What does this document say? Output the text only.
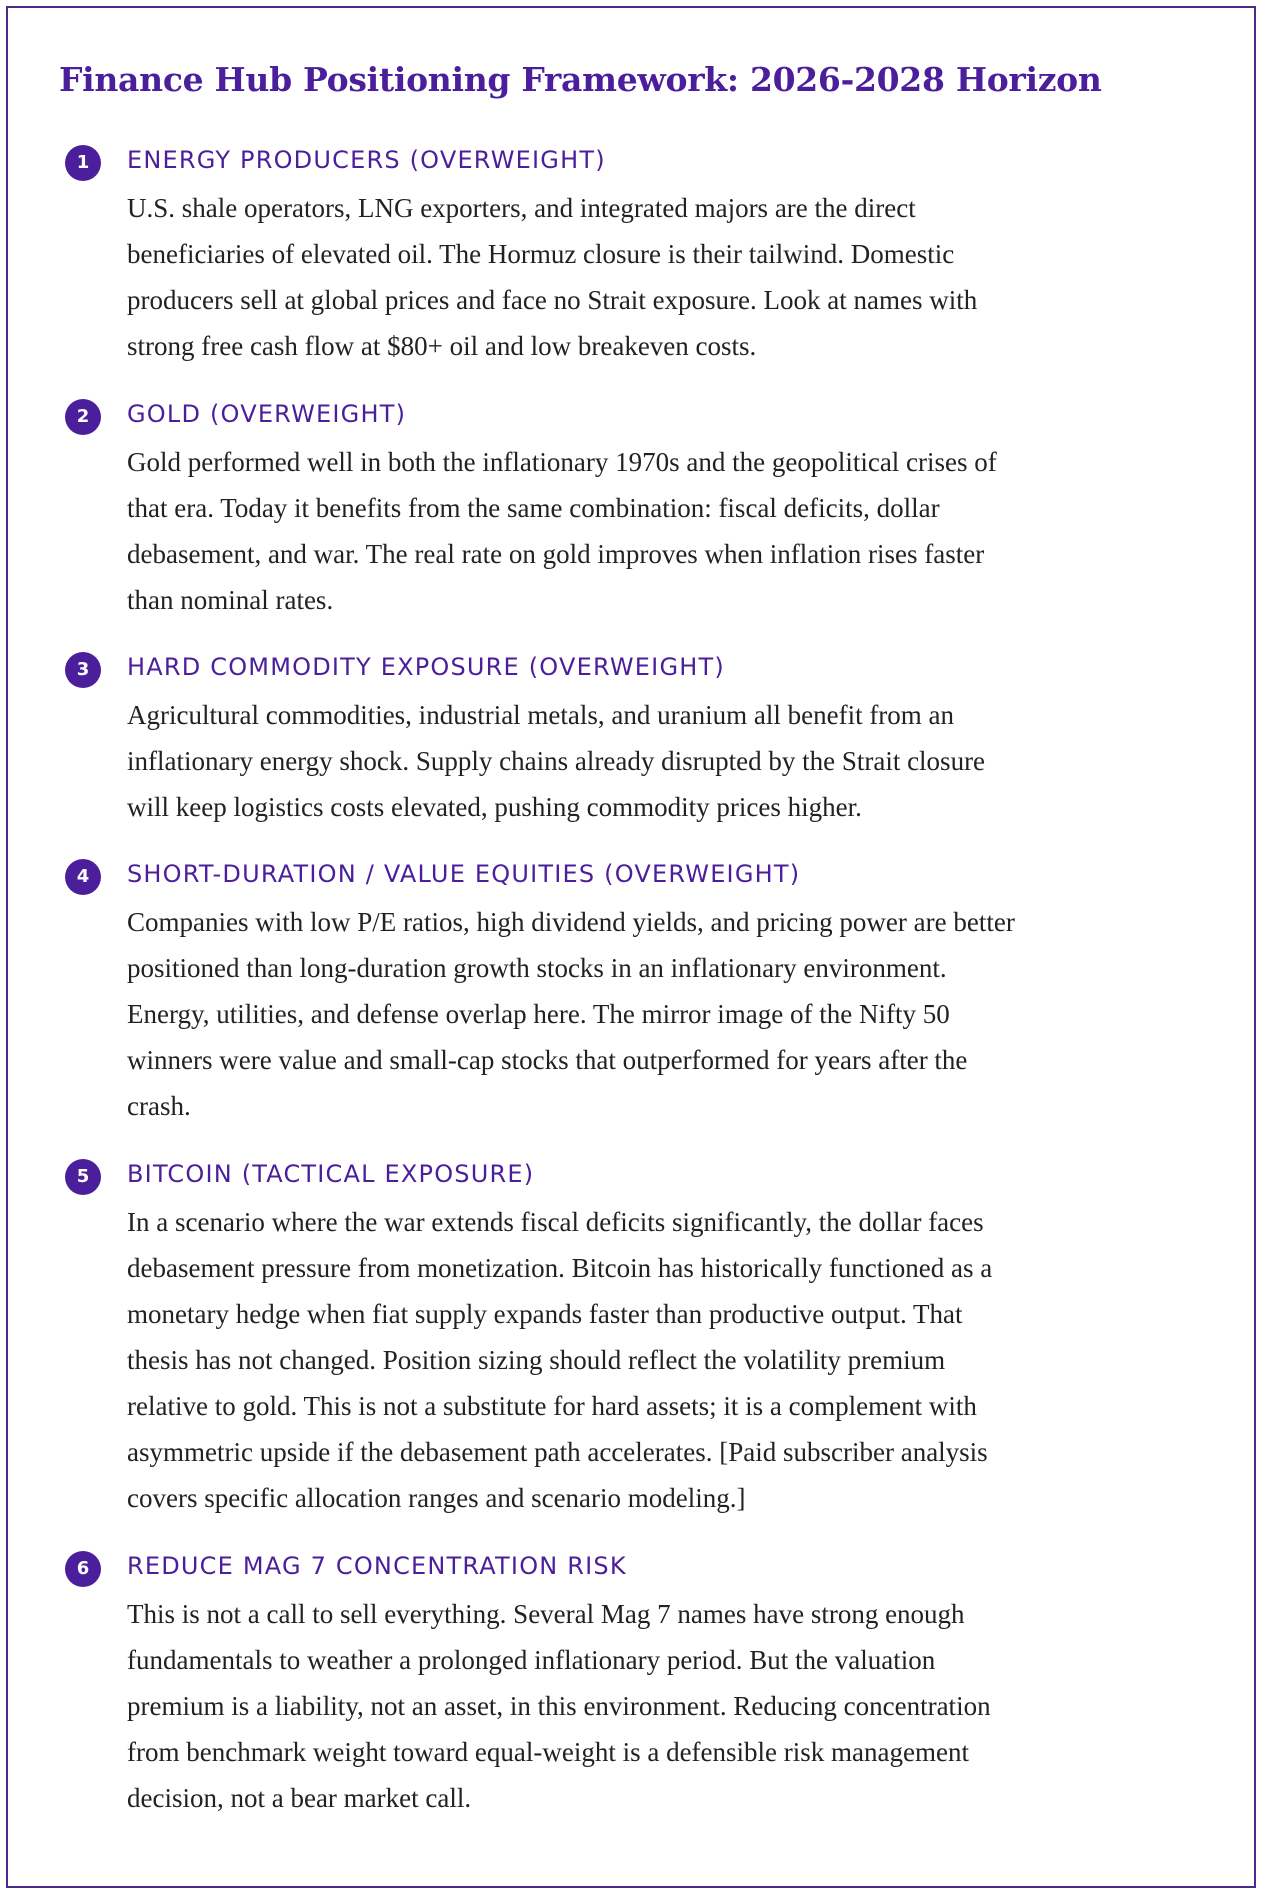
Finance Hub Positioning Framework: 2026-2028 Horizon
1	ENERGY PRODUCERS (OVERWEIGHT)
U.S. shale operators, LNG exporters, and integrated majors are the direct
beneficiaries of elevated oil. The Hormuz closure is their tailwind. Domestic
producers sell at global prices and face no Strait exposure. Look at names with
strong free cash flow at $80+ oil and low breakeven costs.
2	GOLD (OVERWEIGHT)
Gold performed well in both the inflationary 1970s and the geopolitical crises of
that era. Today it benefits from the same combination: fiscal deficits, dollar
debasement, and war. The real rate on gold improves when inflation rises faster
than nominal rates.
3	HARD COMMODITY EXPOSURE (OVERWEIGHT)
Agricultural commodities, industrial metals, and uranium all benefit from an
inflationary energy shock. Supply chains already disrupted by the Strait closure
will keep logistics costs elevated, pushing commodity prices higher.
4	SHORT-DURATION / VALUE EQUITIES (OVERWEIGHT)
Companies with low P/E ratios, high dividend yields, and pricing power are better
positioned than long-duration growth stocks in an inflationary environment.
Energy, utilities, and defense overlap here. The mirror image of the Nifty 50
winners were value and small-cap stocks that outperformed for years after the
crash.
5	BITCOIN (TACTICAL EXPOSURE)
In a scenario where the war extends fiscal deficits significantly, the dollar faces
debasement pressure from monetization. Bitcoin has historically functioned as a
monetary hedge when fiat supply expands faster than productive output. That
thesis has not changed. Position sizing should reflect the volatility premium
relative to gold. This is not a substitute for hard assets; it is a complement with
asymmetric upside if the debasement path accelerates. [Paid subscriber analysis
covers specific allocation ranges and scenario modeling.]
6	REDUCE MAG 7 CONCENTRATION RISK
This is not a call to sell everything. Several Mag 7 names have strong enough
fundamentals to weather a prolonged inflationary period. But the valuation
premium is a liability, not an asset, in this environment. Reducing concentration
from benchmark weight toward equal-weight is a defensible risk management
decision, not a bear market call.
